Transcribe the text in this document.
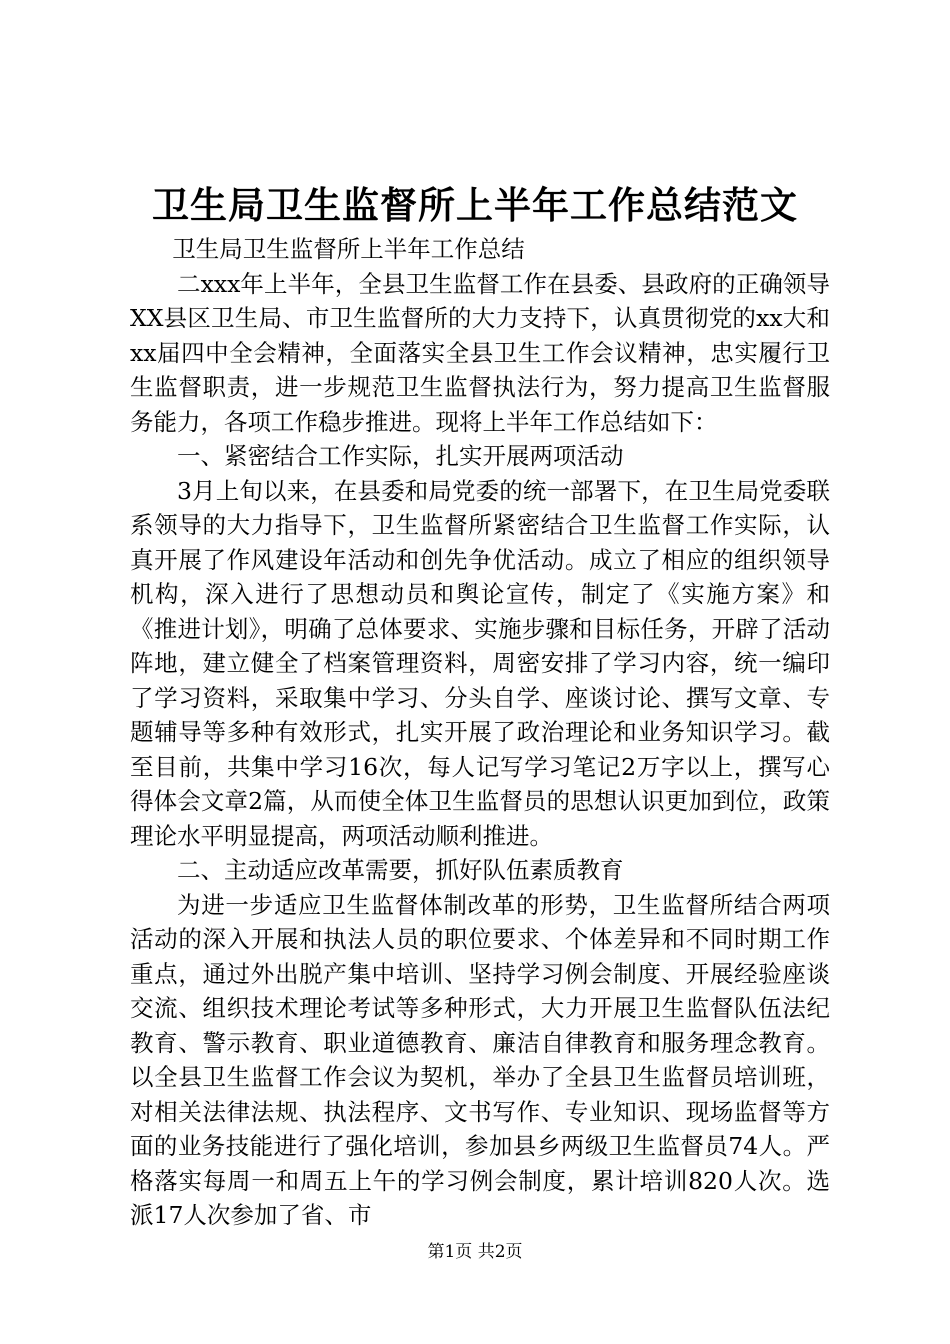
卫生局卫生监督所上半年工作总结范文

卫生局卫生监督所上半年工作总结

二xxx年上半年，全县卫生监督工作在县委、县政府的正确领导XX县区卫生局、市卫生监督所的大力支持下，认真贯彻党的xx大和xx届四中全会精神，全面落实全县卫生工作会议精神，忠实履行卫生监督职责，进一步规范卫生监督执法行为，努力提高卫生监督服务能力，各项工作稳步推进。现将上半年工作总结如下：

一、紧密结合工作实际，扎实开展两项活动

3月上旬以来，在县委和局党委的统一部署下，在卫生局党委联系领导的大力指导下，卫生监督所紧密结合卫生监督工作实际，认真开展了作风建设年活动和创先争优活动。成立了相应的组织领导机构，深入进行了思想动员和舆论宣传，制定了《实施方案》和《推进计划》，明确了总体要求、实施步骤和目标任务，开辟了活动阵地，建立健全了档案管理资料，周密安排了学习内容，统一编印了学习资料，采取集中学习、分头自学、座谈讨论、撰写文章、专题辅导等多种有效形式，扎实开展了政治理论和业务知识学习。截至目前，共集中学习16次，每人记写学习笔记2万字以上，撰写心得体会文章2篇，从而使全体卫生监督员的思想认识更加到位，政策理论水平明显提高，两项活动顺利推进。

二、主动适应改革需要，抓好队伍素质教育

为进一步适应卫生监督体制改革的形势，卫生监督所结合两项活动的深入开展和执法人员的职位要求、个体差异和不同时期工作重点，通过外出脱产集中培训、坚持学习例会制度、开展经验座谈交流、组织技术理论考试等多种形式，大力开展卫生监督队伍法纪教育、警示教育、职业道德教育、廉洁自律教育和服务理念教育。以全县卫生监督工作会议为契机，举办了全县卫生监督员培训班，对相关法律法规、执法程序、文书写作、专业知识、现场监督等方面的业务技能进行了强化培训，参加县乡两级卫生监督员74人。严格落实每周一和周五上午的学习例会制度，累计培训820人次。选派17人次参加了省、市

第1页 共2页
